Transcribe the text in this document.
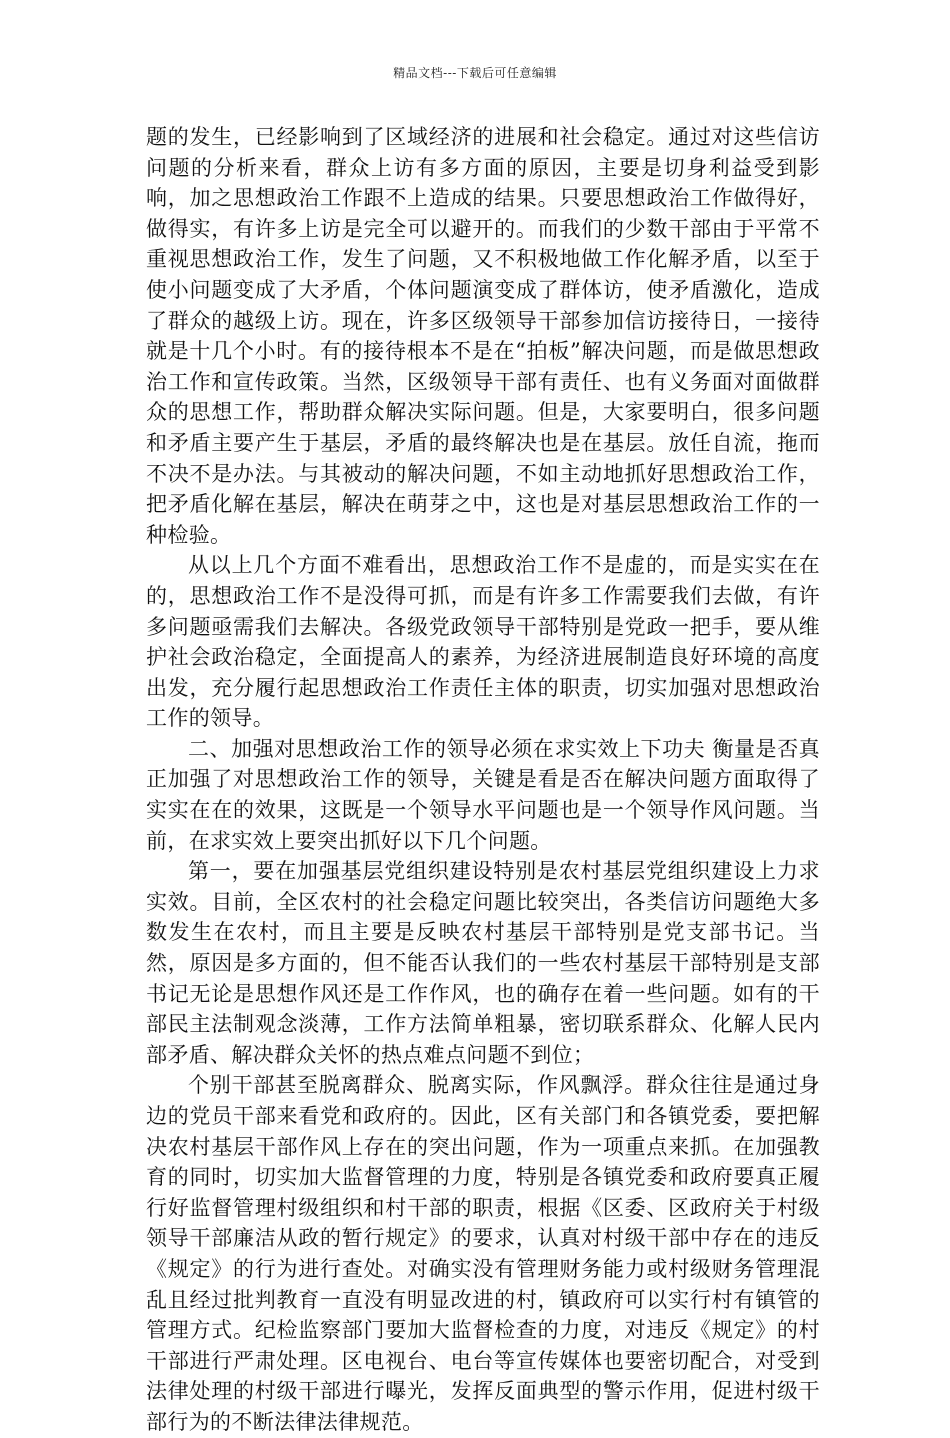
精品文档---下载后可任意编辑

题的发生，已经影响到了区域经济的进展和社会稳定。通过对这些信访问题的分析来看，群众上访有多方面的原因，主要是切身利益受到影响，加之思想政治工作跟不上造成的结果。只要思想政治工作做得好，做得实，有许多上访是完全可以避开的。而我们的少数干部由于平常不重视思想政治工作，发生了问题，又不积极地做工作化解矛盾，以至于使小问题变成了大矛盾，个体问题演变成了群体访，使矛盾激化，造成了群众的越级上访。现在，许多区级领导干部参加信访接待日，一接待就是十几个小时。有的接待根本不是在“拍板”解决问题，而是做思想政治工作和宣传政策。当然，区级领导干部有责任、也有义务面对面做群众的思想工作，帮助群众解决实际问题。但是，大家要明白，很多问题和矛盾主要产生于基层，矛盾的最终解决也是在基层。放任自流，拖而不决不是办法。与其被动的解决问题，不如主动地抓好思想政治工作，把矛盾化解在基层，解决在萌芽之中，这也是对基层思想政治工作的一种检验。

从以上几个方面不难看出，思想政治工作不是虚的，而是实实在在的，思想政治工作不是没得可抓，而是有许多工作需要我们去做，有许多问题亟需我们去解决。各级党政领导干部特别是党政一把手，要从维护社会政治稳定，全面提高人的素养，为经济进展制造良好环境的高度出发，充分履行起思想政治工作责任主体的职责，切实加强对思想政治工作的领导。

二、加强对思想政治工作的领导必须在求实效上下功夫 衡量是否真正加强了对思想政治工作的领导，关键是看是否在解决问题方面取得了实实在在的效果，这既是一个领导水平问题也是一个领导作风问题。当前，在求实效上要突出抓好以下几个问题。

第一，要在加强基层党组织建设特别是农村基层党组织建设上力求实效。目前，全区农村的社会稳定问题比较突出，各类信访问题绝大多数发生在农村，而且主要是反映农村基层干部特别是党支部书记。当然，原因是多方面的，但不能否认我们的一些农村基层干部特别是支部书记无论是思想作风还是工作作风，也的确存在着一些问题。如有的干部民主法制观念淡薄，工作方法简单粗暴，密切联系群众、化解人民内部矛盾、解决群众关怀的热点难点问题不到位；

个别干部甚至脱离群众、脱离实际，作风飘浮。群众往往是通过身边的党员干部来看党和政府的。因此，区有关部门和各镇党委，要把解决农村基层干部作风上存在的突出问题，作为一项重点来抓。在加强教育的同时，切实加大监督管理的力度，特别是各镇党委和政府要真正履行好监督管理村级组织和村干部的职责，根据《区委、区政府关于村级领导干部廉洁从政的暂行规定》的要求，认真对村级干部中存在的违反《规定》的行为进行查处。对确实没有管理财务能力或村级财务管理混乱且经过批判教育一直没有明显改进的村，镇政府可以实行村有镇管的管理方式。纪检监察部门要加大监督检查的力度，对违反《规定》的村干部进行严肃处理。区电视台、电台等宣传媒体也要密切配合，对受到法律处理的村级干部进行曝光，发挥反面典型的警示作用，促进村级干部行为的不断法律法律规范。
